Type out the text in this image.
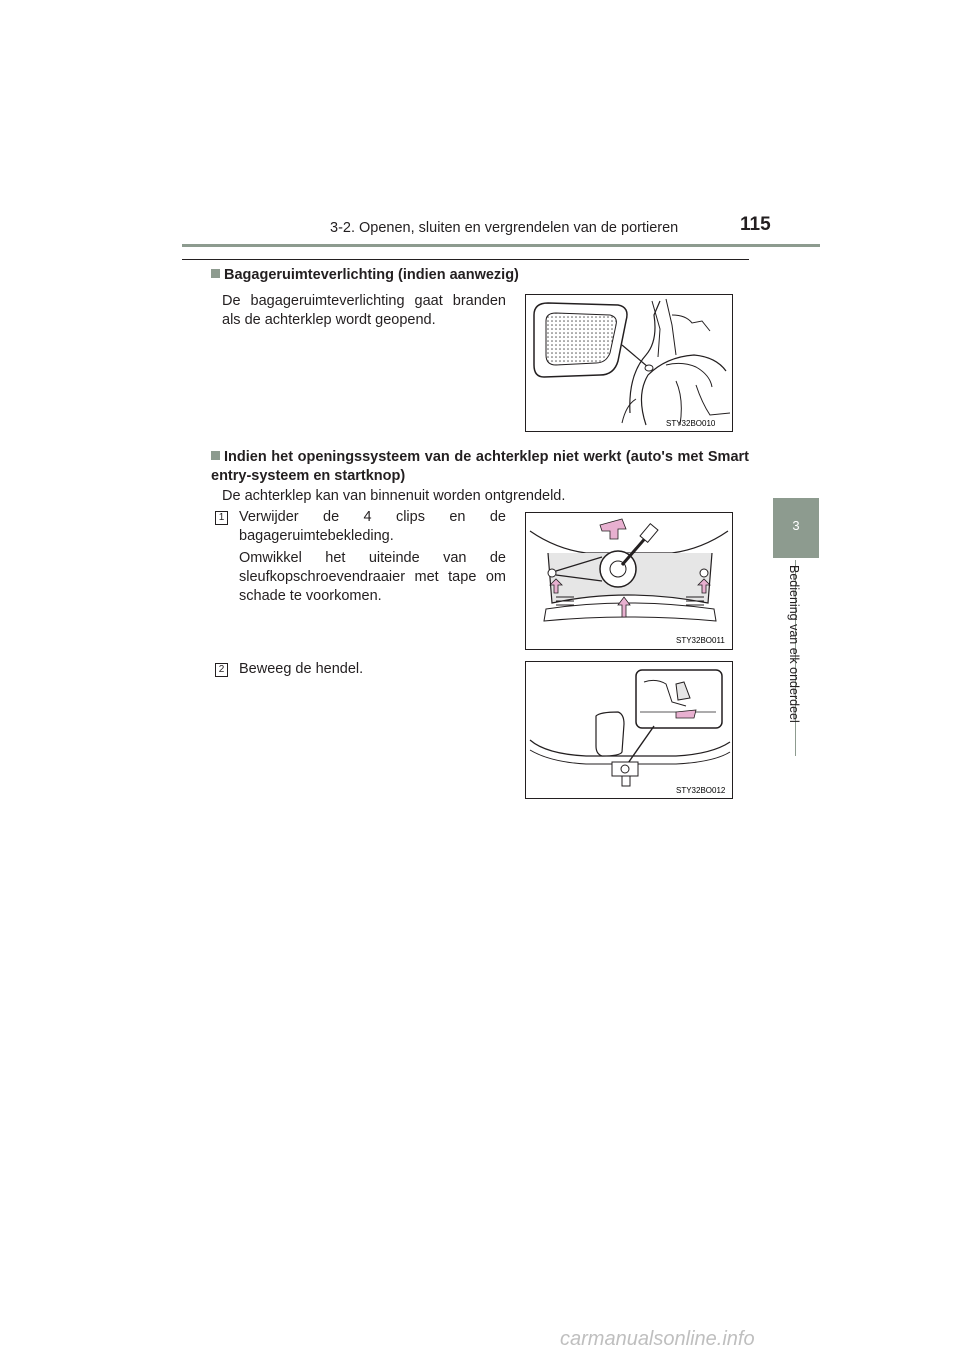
3-2. Openen, sluiten en vergrendelen van de portieren	115
3
Bediening van elk onderdeel
Bagageruimteverlichting (indien aanwezig)
De bagageruimteverlichting gaat branden als de achterklep wordt geopend.
STY32BO010
Indien het openingssysteem van de achterklep niet werkt (auto's met Smart entry-systeem en startknop)
De achterklep kan van binnenuit worden ontgrendeld.
1 Verwijder de 4 clips en de bagageruimtebekleding.
Omwikkel het uiteinde van de sleufkopschroevendraaier met tape om schade te voorkomen.
STY32BO011
2 Beweeg de hendel.
STY32BO012
carmanualsonline.info
